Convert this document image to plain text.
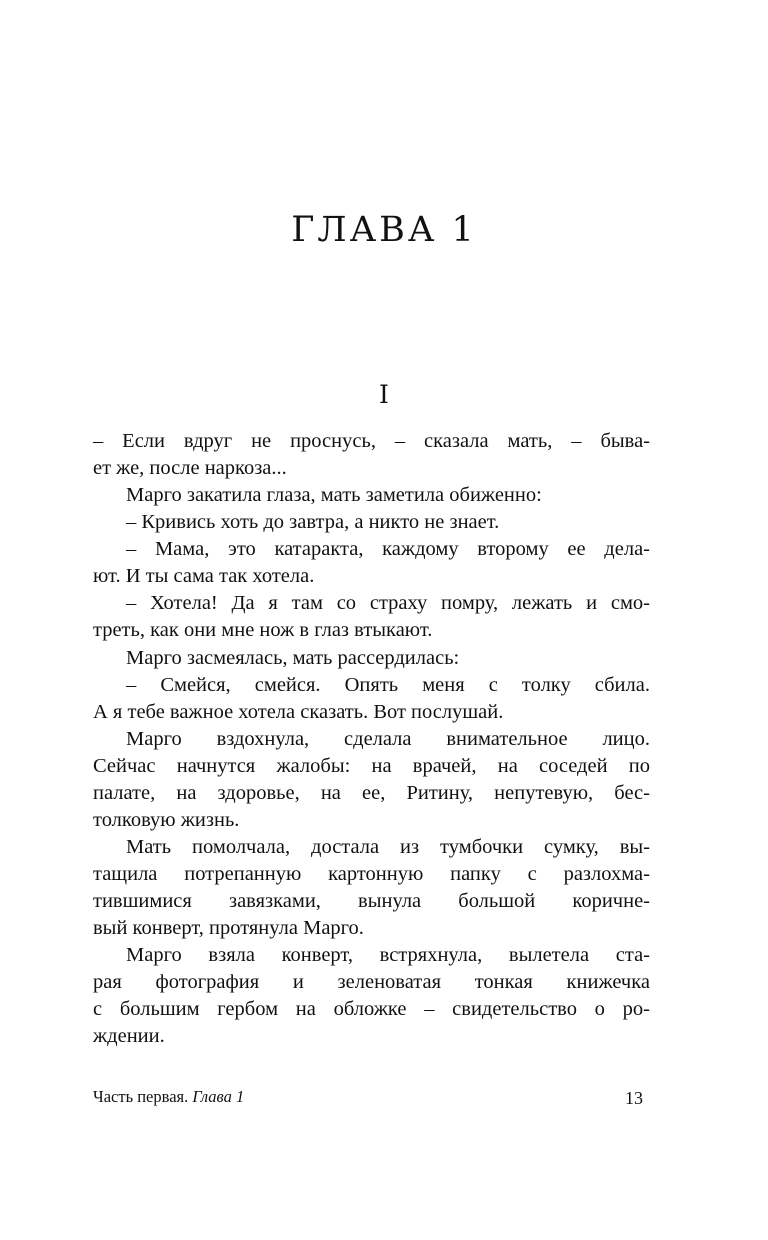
ГЛАВА 1
I
– Если вдруг не проснусь, – сказала мать, – быва-
ет же, после наркоза...
Марго закатила глаза, мать заметила обиженно:
– Кривись хоть до завтра, а никто не знает.
– Мама, это катаракта, каждому второму ее дела-
ют. И ты сама так хотела.
– Хотела! Да я там со страху помру, лежать и смо-
треть, как они мне нож в глаз втыкают.
Марго засмеялась, мать рассердилась:
– Смейся, смейся. Опять меня с толку сбила.
А я тебе важное хотела сказать. Вот послушай.
Марго вздохнула, сделала внимательное лицо.
Сейчас начнутся жалобы: на врачей, на соседей по
палате, на здоровье, на ее, Ритину, непутевую, бес-
толковую жизнь.
Мать помолчала, достала из тумбочки сумку, вы-
тащила потрепанную картонную папку с разлохма-
тившимися завязками, вынула большой коричне-
вый конверт, протянула Марго.
Марго взяла конверт, встряхнула, вылетела ста-
рая фотография и зеленоватая тонкая книжечка
с большим гербом на обложке – свидетельство о ро-
ждении.
Часть первая. Глава 1	13
